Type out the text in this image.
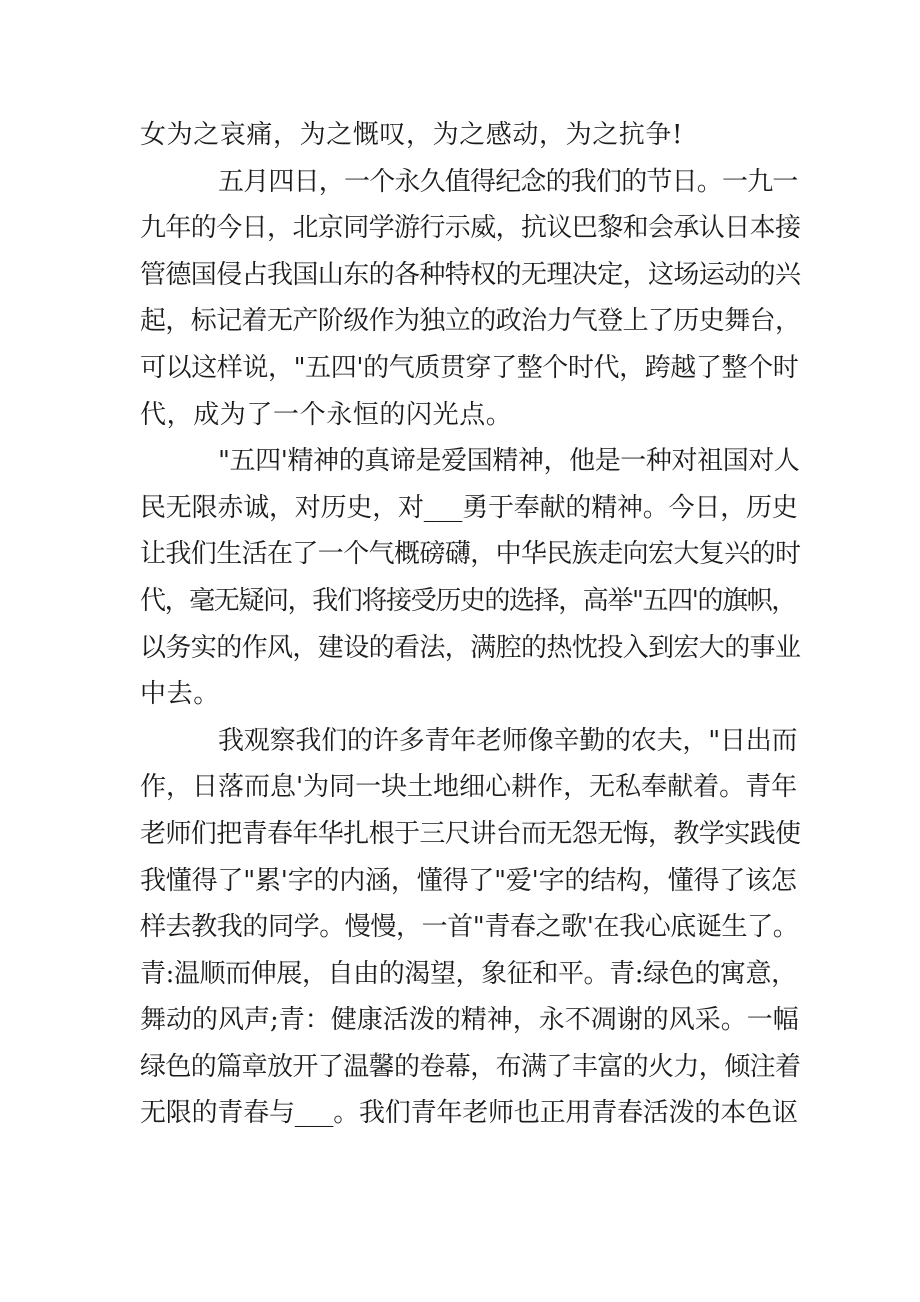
女为之哀痛，为之慨叹，为之感动，为之抗争!
五月四日，一个永久值得纪念的我们的节日。一九一
九年的今日，北京同学游行示威，抗议巴黎和会承认日本接
管德国侵占我国山东的各种特权的无理决定，这场运动的兴
起，标记着无产阶级作为独立的政治力气登上了历史舞台，
可以这样说，"五四'的气质贯穿了整个时代，跨越了整个时
代，成为了一个永恒的闪光点。
"五四'精神的真谛是爱国精神，他是一种对祖国对人
民无限赤诚，对历史，对___勇于奉献的精神。今日，历史
让我们生活在了一个气概磅礴，中华民族走向宏大复兴的时
代，毫无疑问，我们将接受历史的选择，高举"五四'的旗帜，
以务实的作风，建设的看法，满腔的热忱投入到宏大的事业
中去。
我观察我们的许多青年老师像辛勤的农夫，"日出而
作，日落而息'为同一块土地细心耕作，无私奉献着。青年
老师们把青春年华扎根于三尺讲台而无怨无悔，教学实践使
我懂得了"累'字的内涵，懂得了"爱'字的结构，懂得了该怎
样去教我的同学。慢慢，一首"青春之歌'在我心底诞生了。
青:温顺而伸展，自由的渴望，象征和平。青:绿色的寓意，
舞动的风声;青：健康活泼的精神，永不凋谢的风采。一幅
绿色的篇章放开了温馨的卷幕，布满了丰富的火力，倾注着
无限的青春与___。我们青年老师也正用青春活泼的本色讴
